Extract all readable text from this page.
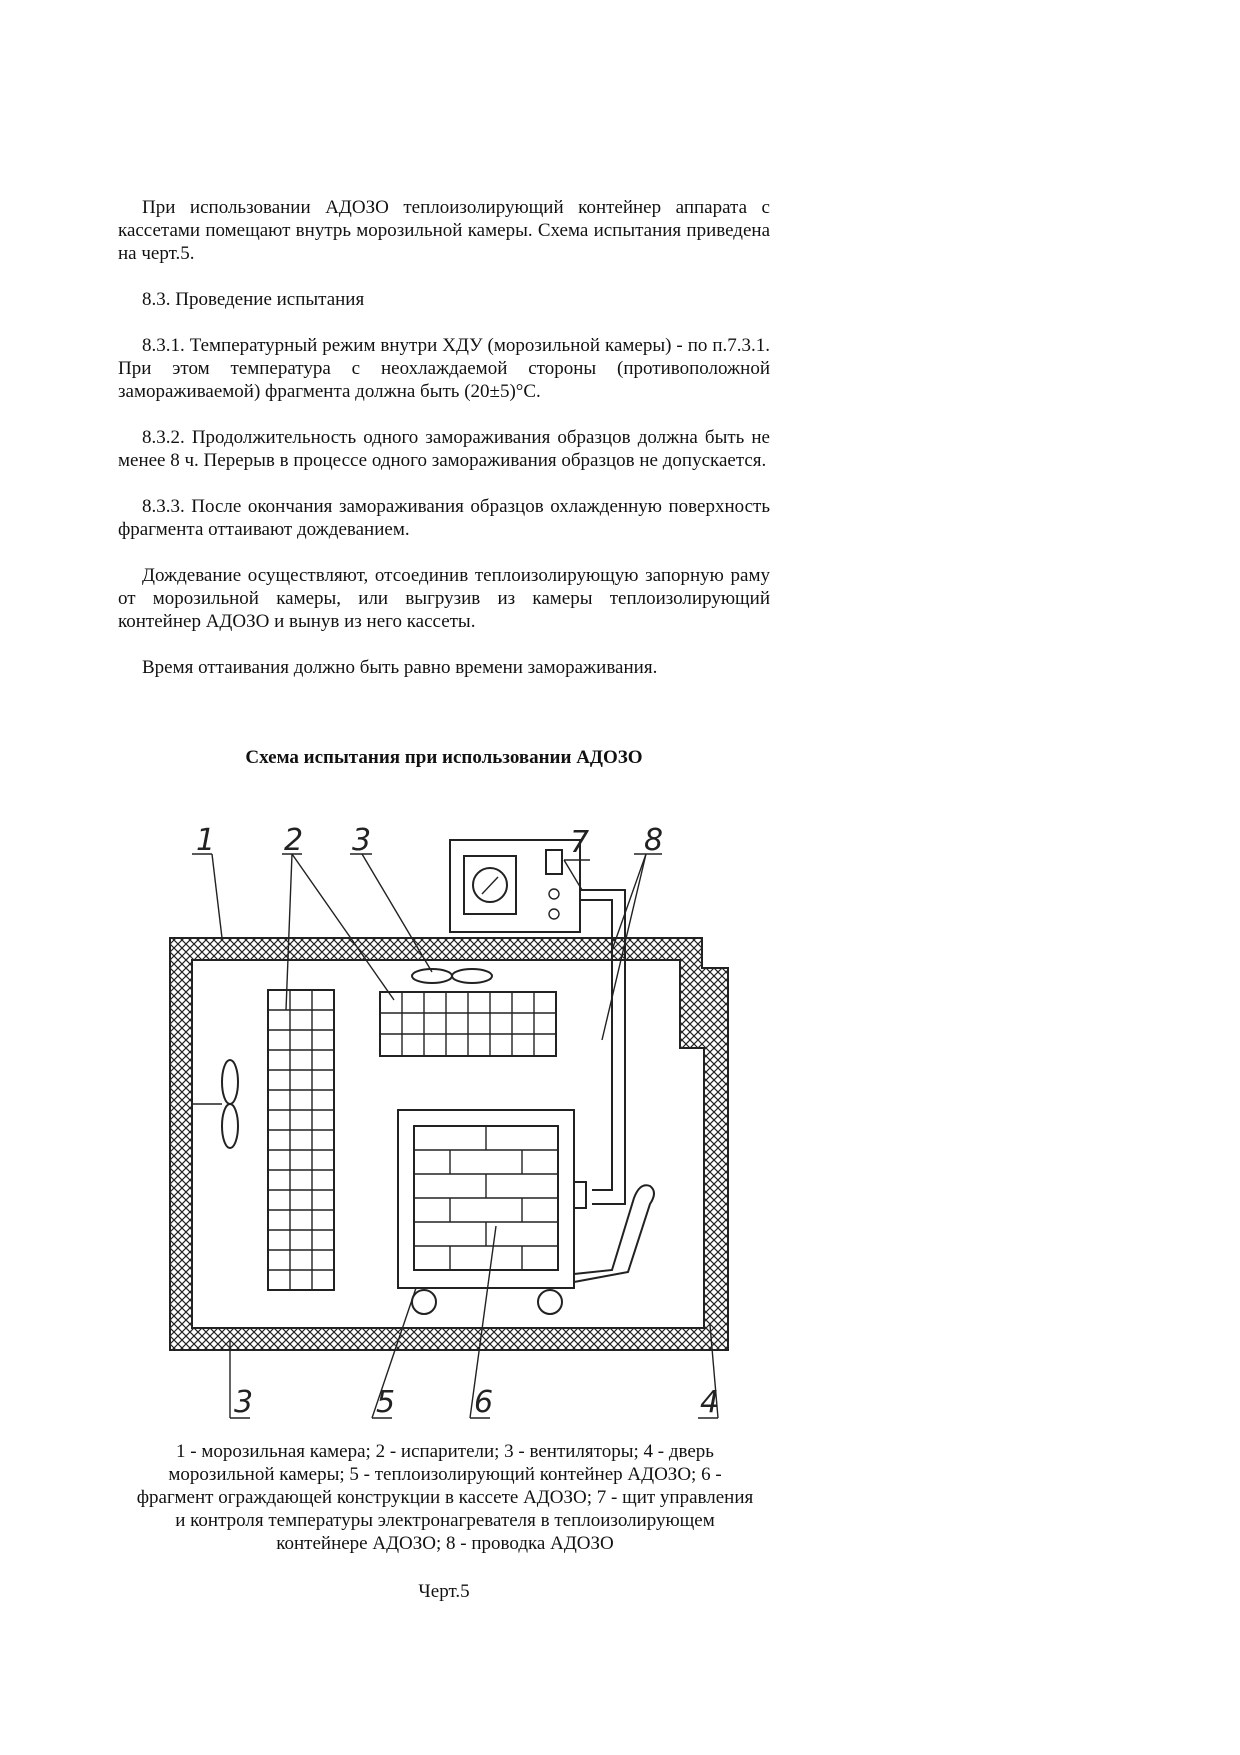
При использовании АДОЗО теплоизолирующий контейнер аппарата с кассетами помещают внутрь морозильной камеры. Схема испытания приведена на черт.5.

8.3. Проведение испытания

8.3.1. Температурный режим внутри ХДУ (морозильной камеры) - по п.7.3.1. При этом температура с неохлаждаемой стороны (противоположной замораживаемой) фрагмента должна быть (20±5)°С.

8.3.2. Продолжительность одного замораживания образцов должна быть не менее 8 ч. Перерыв в процессе одного замораживания образцов не допускается.

8.3.3. После окончания замораживания образцов охлажденную поверхность фрагмента оттаивают дождеванием.

Дождевание осуществляют, отсоединив теплоизолирующую запорную раму от морозильной камеры, или выгрузив из камеры теплоизолирующий контейнер АДОЗО и вынув из него кассеты.

Время оттаивания должно быть равно времени замораживания.

Схема испытания при использовании АДОЗО
1 2 3	7 8
3	5	6	4
1 - морозильная камера; 2 - испарители; 3 - вентиляторы; 4 - дверь морозильной камеры; 5 - теплоизолирующий контейнер АДОЗО; 6 - фрагмент ограждающей конструкции в кассете АДОЗО; 7 - щит управления и контроля температуры электронагревателя в теплоизолирующем контейнере АДОЗО; 8 - проводка АДОЗО
Черт.5
